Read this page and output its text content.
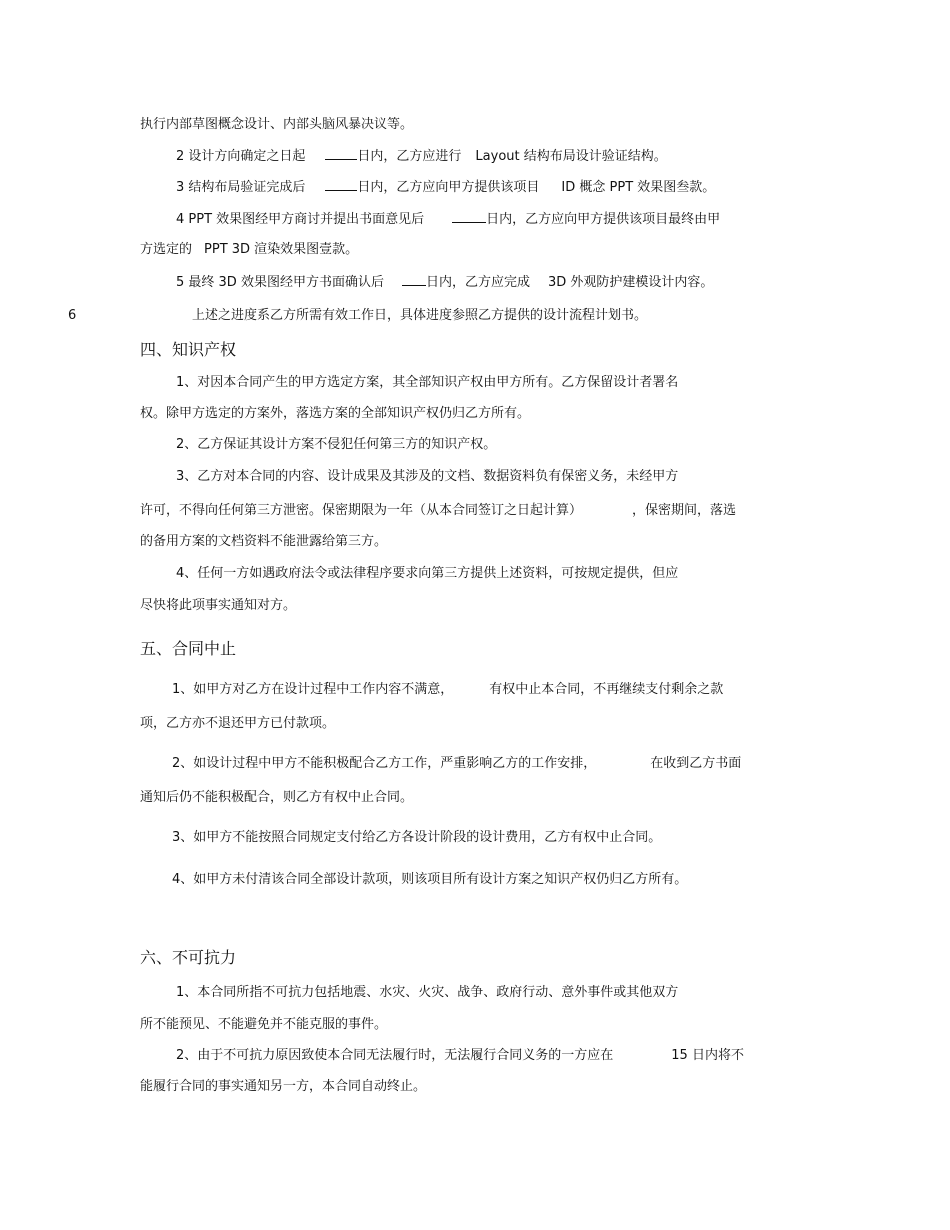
执行内部草图概念设计、内部头脑风暴决议等。
2 设计方向确定之日起	日内，乙方应进行 Layout 结构布局设计验证结构。
3 结构布局验证完成后	日内，乙方应向甲方提供该项目 ID 概念 PPT 效果图叁款。
4 PPT 效果图经甲方商讨并提出书面意见后	日内，乙方应向甲方提供该项目最终由甲
方选定的 PPT 3D 渲染效果图壹款。
5 最终 3D 效果图经甲方书面确认后	日内，乙方应完成 3D 外观防护建模设计内容。
6	上述之进度系乙方所需有效工作日，具体进度参照乙方提供的设计流程计划书。
四、知识产权
1、对因本合同产生的甲方选定方案，其全部知识产权由甲方所有。乙方保留设计者署名
权。除甲方选定的方案外，落选方案的全部知识产权仍归乙方所有。
2、乙方保证其设计方案不侵犯任何第三方的知识产权。
3、乙方对本合同的内容、设计成果及其涉及的文档、数据资料负有保密义务，未经甲方
许可，不得向任何第三方泄密。保密期限为一年（从本合同签订之日起计算）	，保密期间，落选
的备用方案的文档资料不能泄露给第三方。
4、任何一方如遇政府法令或法律程序要求向第三方提供上述资料，可按规定提供，但应
尽快将此项事实通知对方。
五、合同中止
1、如甲方对乙方在设计过程中工作内容不满意，	有权中止本合同，不再继续支付剩余之款
项，乙方亦不退还甲方已付款项。
2、如设计过程中甲方不能积极配合乙方工作，严重影响乙方的工作安排，	在收到乙方书面
通知后仍不能积极配合，则乙方有权中止合同。
3、如甲方不能按照合同规定支付给乙方各设计阶段的设计费用，乙方有权中止合同。
4、如甲方未付清该合同全部设计款项，则该项目所有设计方案之知识产权仍归乙方所有。
六、不可抗力
1、本合同所指不可抗力包括地震、水灾、火灾、战争、政府行动、意外事件或其他双方
所不能预见、不能避免并不能克服的事件。
2、由于不可抗力原因致使本合同无法履行时，无法履行合同义务的一方应在	15 日内将不
能履行合同的事实通知另一方，本合同自动终止。
